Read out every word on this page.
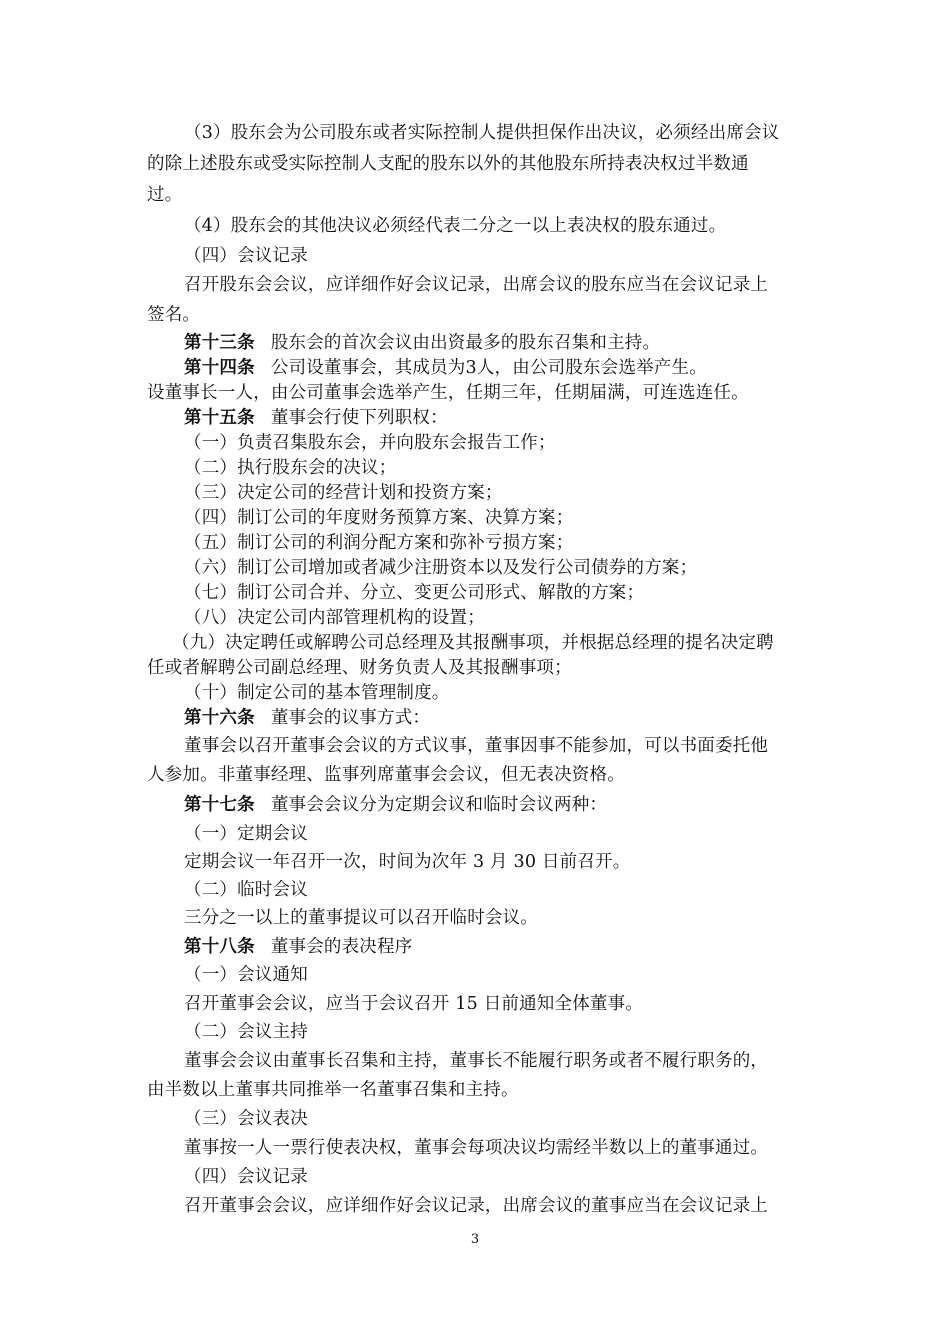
（3）股东会为公司股东或者实际控制人提供担保作出决议，必须经出席会议
的除上述股东或受实际控制人支配的股东以外的其他股东所持表决权过半数通
过。
（4）股东会的其他决议必须经代表二分之一以上表决权的股东通过。
（四）会议记录
召开股东会会议，应详细作好会议记录，出席会议的股东应当在会议记录上
签名。
第十三条 股东会的首次会议由出资最多的股东召集和主持。
第十四条 公司设董事会，其成员为3人，由公司股东会选举产生。
设董事长一人，由公司董事会选举产生，任期三年，任期届满，可连选连任。
第十五条 董事会行使下列职权：
（一）负责召集股东会，并向股东会报告工作；
（二）执行股东会的决议；
（三）决定公司的经营计划和投资方案；
（四）制订公司的年度财务预算方案、决算方案；
（五）制订公司的利润分配方案和弥补亏损方案；
（六）制订公司增加或者减少注册资本以及发行公司债券的方案；
（七）制订公司合并、分立、变更公司形式、解散的方案；
（八）决定公司内部管理机构的设置；
（九）决定聘任或解聘公司总经理及其报酬事项，并根据总经理的提名决定聘
任或者解聘公司副总经理、财务负责人及其报酬事项；
（十）制定公司的基本管理制度。
第十六条 董事会的议事方式：
董事会以召开董事会会议的方式议事，董事因事不能参加，可以书面委托他
人参加。非董事经理、监事列席董事会会议，但无表决资格。
第十七条 董事会会议分为定期会议和临时会议两种：
（一）定期会议
定期会议一年召开一次，时间为次年 3 月 30 日前召开。
（二）临时会议
三分之一以上的董事提议可以召开临时会议。
第十八条 董事会的表决程序
（一）会议通知
召开董事会会议，应当于会议召开 15 日前通知全体董事。
（二）会议主持
董事会会议由董事长召集和主持，董事长不能履行职务或者不履行职务的，
由半数以上董事共同推举一名董事召集和主持。
（三）会议表决
董事按一人一票行使表决权，董事会每项决议均需经半数以上的董事通过。
（四）会议记录
召开董事会会议，应详细作好会议记录，出席会议的董事应当在会议记录上
3
